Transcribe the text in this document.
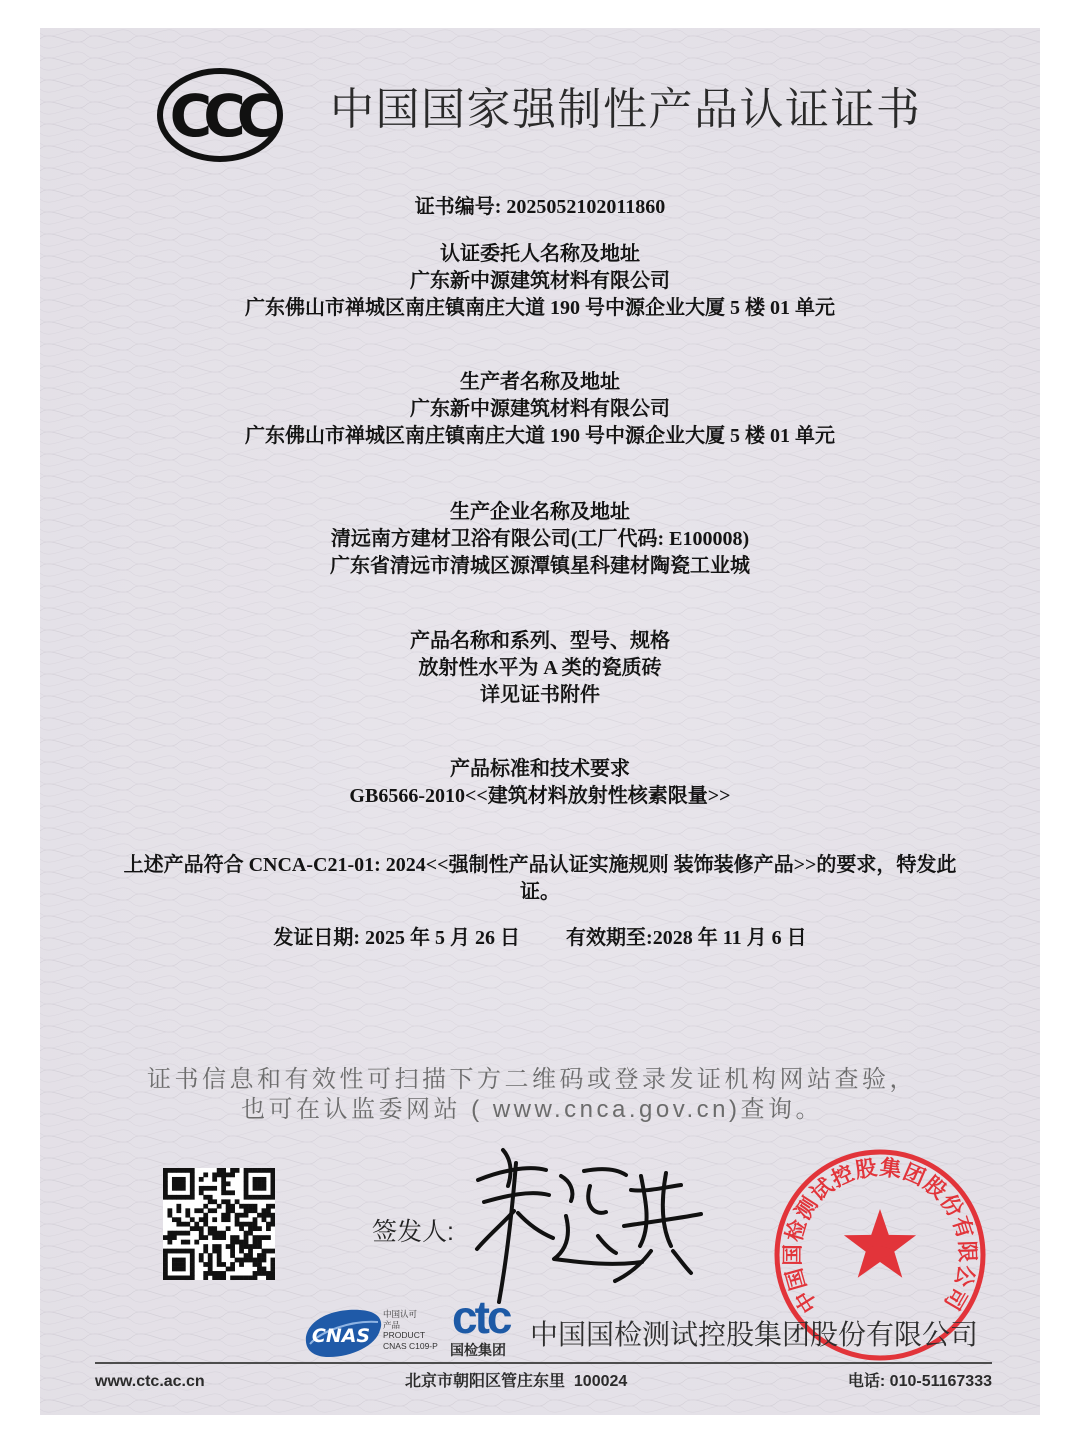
CCC 中国国家强制性产品认证证书
证书编号: 2025052102011860
认证委托人名称及地址
广东新中源建筑材料有限公司
广东佛山市禅城区南庄镇南庄大道 190 号中源企业大厦 5 楼 01 单元
生产者名称及地址
广东新中源建筑材料有限公司
广东佛山市禅城区南庄镇南庄大道 190 号中源企业大厦 5 楼 01 单元
生产企业名称及地址
清远南方建材卫浴有限公司(工厂代码: E100008)
广东省清远市清城区源潭镇星科建材陶瓷工业城
产品名称和系列、型号、规格
放射性水平为 A 类的瓷质砖
详见证书附件
产品标准和技术要求
GB6566-2010<<建筑材料放射性核素限量>>
上述产品符合 CNCA-C21-01: 2024<<强制性产品认证实施规则 装饰装修产品>>的要求，特发此
证。
发证日期: 2025 年 5 月 26 日 有效期至:2028 年 11 月 6 日
证书信息和有效性可扫描下方二维码或登录发证机构网站查验，
也可在认监委网站 ( www.cnca.gov.cn)查询。
签发人:
中国国检测试控股集团股份有限公司
CNAS
中国认可
产品
PRODUCT
CNAS C109-P
ctc
国检集团 中国国检测试控股集团股份有限公司
www.ctc.ac.cn	北京市朝阳区管庄东里  100024	电话: 010-51167333
